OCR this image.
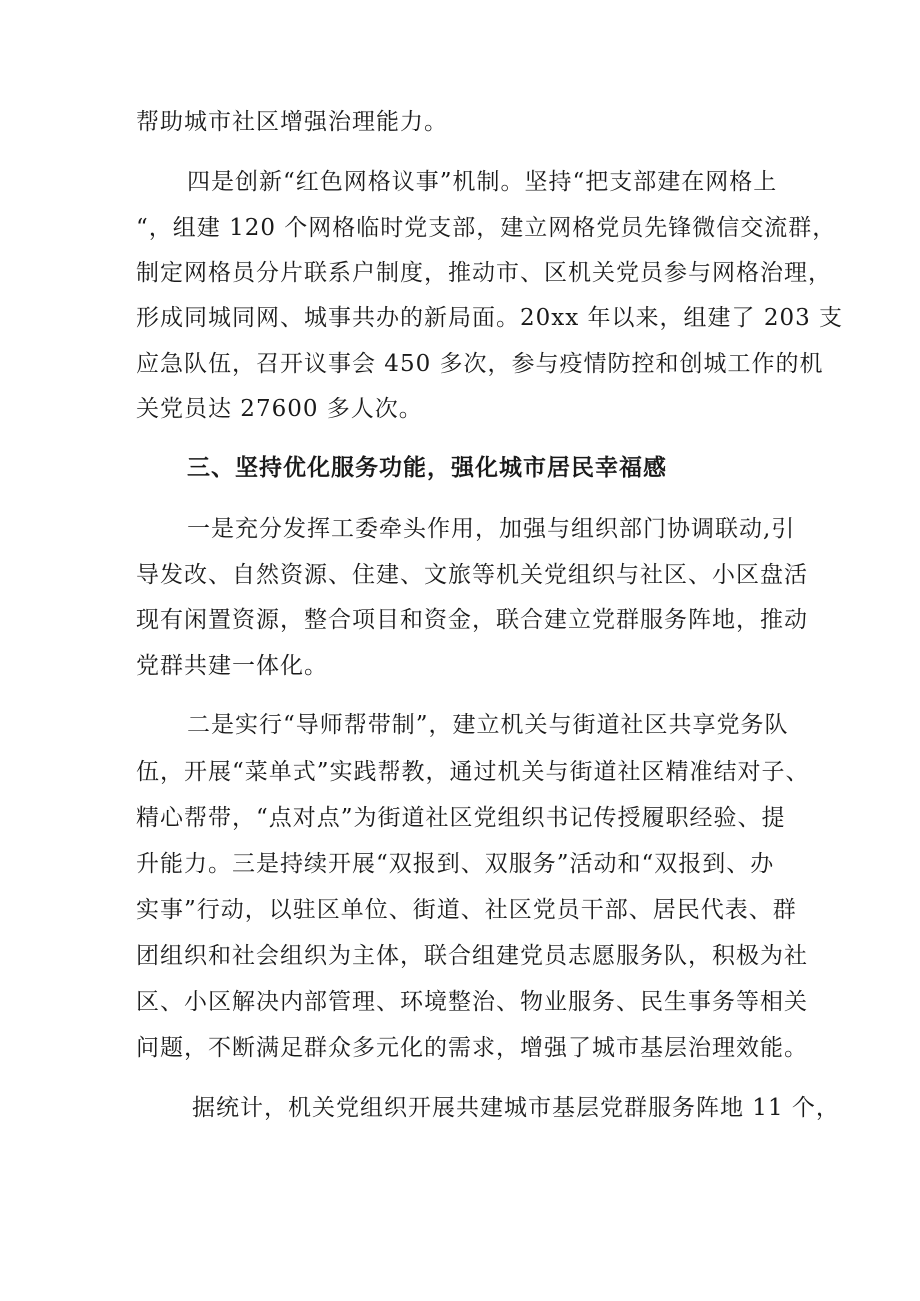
帮助城市社区增强治理能力。

四是创新“红色网格议事”机制。坚持“把支部建在网格上

“，组建 120 个网格临时党支部，建立网格党员先锋微信交流群，

制定网格员分片联系户制度，推动市、区机关党员参与网格治理，

形成同城同网、城事共办的新局面。20xx 年以来，组建了 203 支

应急队伍，召开议事会 450 多次，参与疫情防控和创城工作的机

关党员达 27600 多人次。

三、坚持优化服务功能，强化城市居民幸福感

一是充分发挥工委牵头作用，加强与组织部门协调联动,引

导发改、自然资源、住建、文旅等机关党组织与社区、小区盘活

现有闲置资源，整合项目和资金，联合建立党群服务阵地，推动

党群共建一体化。

二是实行“导师帮带制”，建立机关与街道社区共享党务队

伍，开展“菜单式”实践帮教，通过机关与街道社区精准结对子、

精心帮带，“点对点”为街道社区党组织书记传授履职经验、提

升能力。三是持续开展“双报到、双服务”活动和“双报到、办

实事”行动，以驻区单位、街道、社区党员干部、居民代表、群

团组织和社会组织为主体，联合组建党员志愿服务队，积极为社

区、小区解决内部管理、环境整治、物业服务、民生事务等相关

问题，不断满足群众多元化的需求，增强了城市基层治理效能。

据统计，机关党组织开展共建城市基层党群服务阵地 11 个，
